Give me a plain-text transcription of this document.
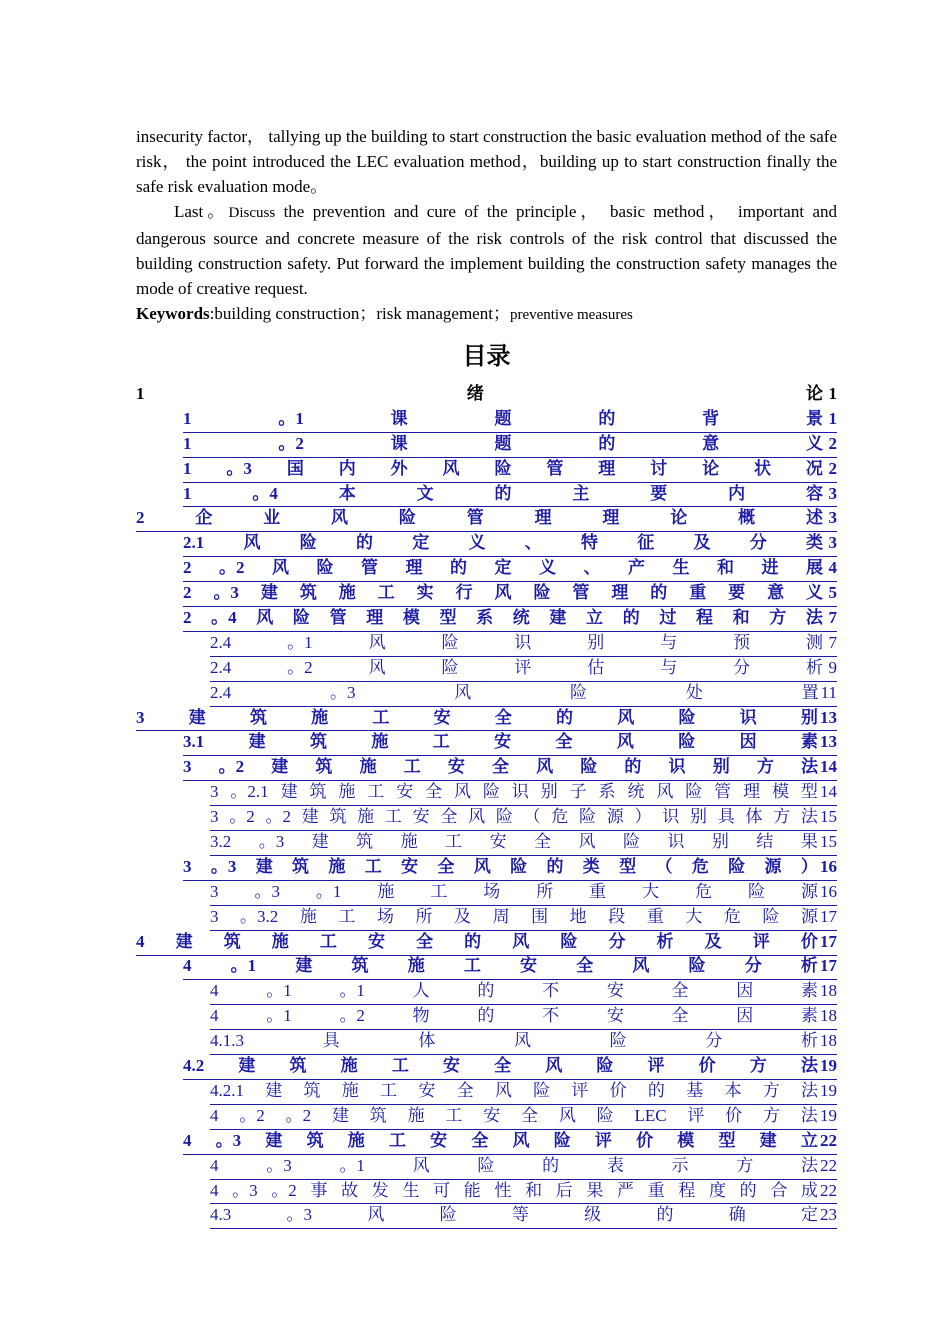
insecurity factor， tallying up the building to start construction the basic evaluation method of the safe risk， the point introduced the LEC evaluation method，building up to start construction finally the safe risk evaluation mode。

Last。Discuss the prevention and cure of the principle， basic method， important and dangerous source and concrete measure of the risk controls of the risk control that discussed the building construction safety. Put forward the implement building the construction safety manages the mode of creative request.

Keywords:building construction；risk management；preventive measures

目录
1	绪	论 1
1	。1	课	题	的	背	景 1
1	。2	课	题	的	意	义 2
1 。3 国 内 外 风 险 管 理 讨 论 状 况 2
1	。4	本	文	的	主	要	内	容 3
2	企	业	风	险	管	理	理	论	概	述 3
2.1 风 险 的 定 义 、 特 征 及 分 类 3
2 。2 风 险 管 理 的 定 义 、 产 生 和 进 展 4
2 。3 建 筑 施 工 实 行 风 险 管 理 的 重 要 意 义 5
2 。4 风 险 管 理 模 型 系 统 建 立 的 过 程 和 方 法 7
2.4	。1	风	险	识	别	与	预	测 7
2.4	。2	风	险	评	估	与	分	析 9
2.4	。3	风	险	处	置 11
3	建	筑	施	工	安	全	的	风	险	识	别 13
3.1	建	筑	施	工	安	全	风	险	因	素 13
3 。2 建 筑 施 工 安 全 风 险 的 识 别 方 法 14
3 。2.1 建 筑 施 工 安 全 风 险 识 别 子 系 统 风 险 管 理 模 型 14
3 。2 。2 建 筑 施 工 安 全 风 险 （ 危 险 源 ） 识 别 具 体 方 法 15
3.2 。3 建 筑 施 工 安 全 风 险 识 别 结 果 15
3 。3 建 筑 施 工 安 全 风 险 的 类 型 （ 危 险 源 ） 16
3 。3 。1 施 工 场 所 重 大 危 险 源 16
3 。3.2 施 工 场 所 及 周 围 地 段 重 大 危 险 源 17
4 建 筑 施 工 安 全 的 风 险 分 析 及 评 价 17
4 。1 建 筑 施 工 安 全 风 险 分 析 17
4	。1	。1	人	的	不	安	全	因	素 18
4	。1	。2	物	的	不	安	全	因	素 18
4.1.3	具	体	风	险	分	析 18
4.2 建 筑 施 工 安 全 风 险 评 价 方 法 19
4.2.1 建 筑 施 工 安 全 风 险 评 价 的 基 本 方 法 19
4 。2 。2 建 筑 施 工 安 全 风 险 LEC 评 价 方 法 19
4 。3 建 筑 施 工 安 全 风 险 评 价 模 型 建 立 22
4	。3	。1	风	险	的	表	示	方	法 22
4 。3 。2 事 故 发 生 可 能 性 和 后 果 严 重 程 度 的 合 成 22
4.3	。3	风	险	等	级	的	确	定 23
